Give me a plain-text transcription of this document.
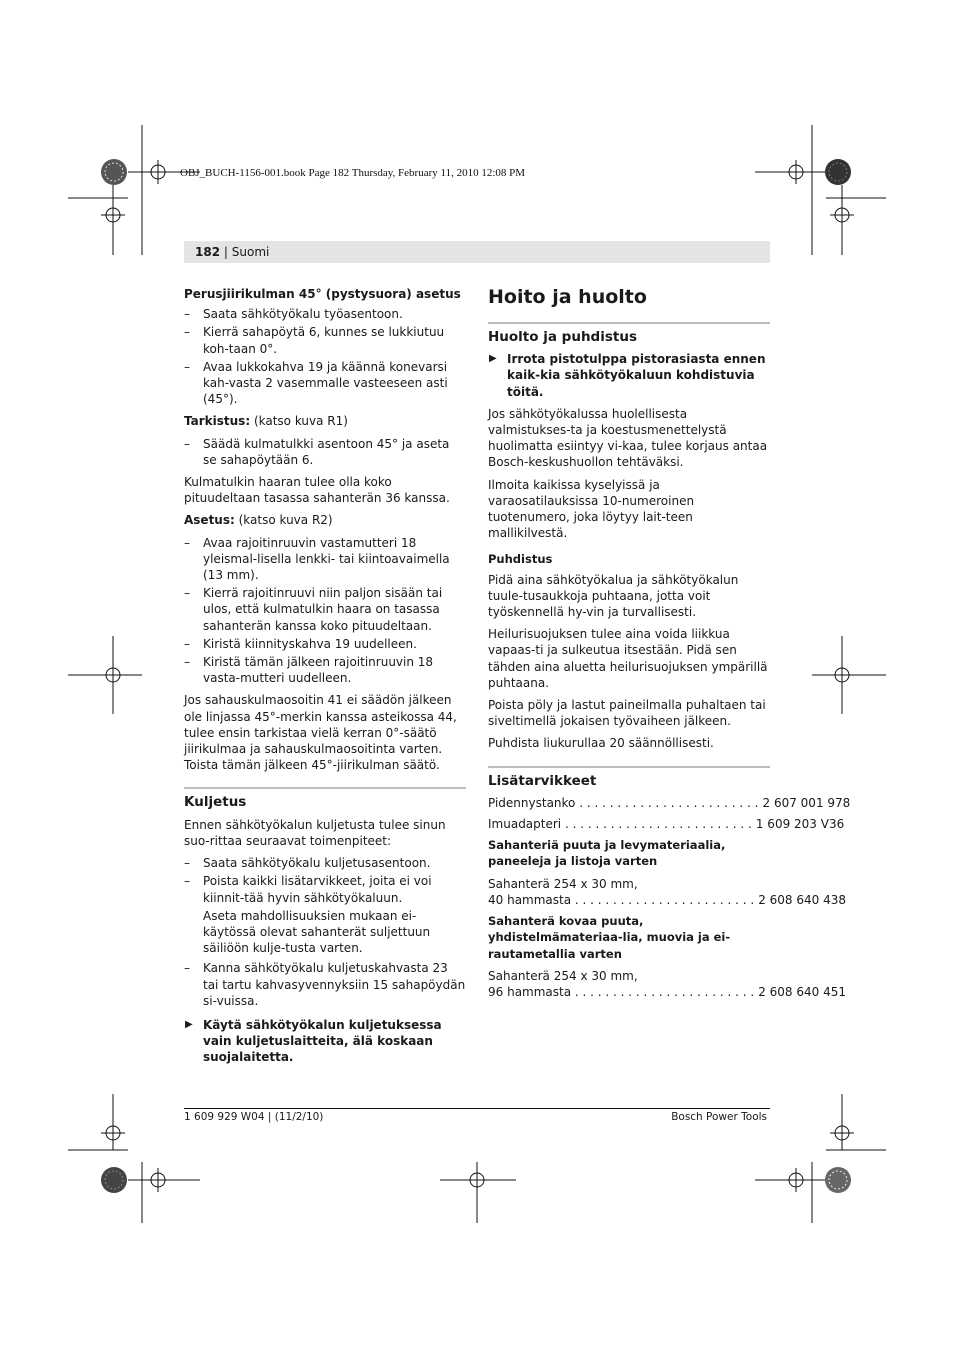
OBJ_BUCH-1156-001.book Page 182 Thursday, February 11, 2010 12:08 PM
182 | Suomi
Perusjiirikulman 45° (pystysuora) asetus
– Saata sähkötyökalu työasentoon.
– Kierrä sahapöytä 6, kunnes se lukkiutuu koh-taan 0°.
– Avaa lukkokahva 19 ja käännä konevarsi kah-vasta 2 vasemmalle vasteeseen asti (45°).

Tarkistus: (katso kuva R1)

– Säädä kulmatulkki asentoon 45° ja aseta se sahapöytään 6.

Kulmatulkin haaran tulee olla koko pituudeltaan tasassa sahanterän 36 kanssa.

Asetus: (katso kuva R2)

– Avaa rajoitinruuvin vastamutteri 18 yleismal-lisella lenkki- tai kiintoavaimella (13 mm).
– Kierrä rajoitinruuvi niin paljon sisään tai ulos, että kulmatulkin haara on tasassa sahanterän kanssa koko pituudeltaan.
– Kiristä kiinnityskahva 19 uudelleen.
– Kiristä tämän jälkeen rajoitinruuvin 18 vasta-mutteri uudelleen.

Jos sahauskulmaosoitin 41 ei säädön jälkeen ole linjassa 45°-merkin kanssa asteikossa 44, tulee ensin tarkistaa vielä kerran 0°-säätö jiirikulmaa ja sahauskulmaosoitinta varten. Toista tämän jälkeen 45°-jiirikulman säätö.

Kuljetus

Ennen sähkötyökalun kuljetusta tulee sinun suo-rittaa seuraavat toimenpiteet:

– Saata sähkötyökalu kuljetusasentoon.
– Poista kaikki lisätarvikkeet, joita ei voi kiinnit-tää hyvin sähkötyökaluun.

Aseta mahdollisuuksien mukaan ei-käytössä olevat sahanterät suljettuun säiliöön kulje-tusta varten.

– Kanna sähkötyökalu kuljetuskahvasta 23 tai tartu kahvasyvennyksiin 15 sahapöydän si-vuissa.
▶ Käytä sähkötyökalun kuljetuksessa vain kuljetuslaitteita, älä koskaan suojalaitetta.
Hoito ja huolto
Huolto ja puhdistus
▶ Irrota pistotulppa pistorasiasta ennen kaik-kia sähkötyökaluun kohdistuvia töitä.

Jos sähkötyökalussa huolellisesta valmistukses-ta ja koestusmenettelystä huolimatta esiintyy vi-kaa, tulee korjaus antaa Bosch-keskushuollon tehtäväksi.

Ilmoita kaikissa kyselyissä ja varaosatilauksissa 10-numeroinen tuotenumero, joka löytyy lait-teen mallikilvestä.

Puhdistus

Pidä aina sähkötyökalua ja sähkötyökalun tuule-tusaukkoja puhtaana, jotta voit työskennellä hy-vin ja turvallisesti.

Heilurisuojuksen tulee aina voida liikkua vapaas-ti ja sulkeutua itsestään. Pidä sen tähden aina aluetta heilurisuojuksen ympärillä puhtaana.

Poista pöly ja lastut paineilmalla puhaltaen tai siveltimellä jokaisen työvaiheen jälkeen.

Puhdista liukurullaa 20 säännöllisesti.

Lisätarvikkeet
Pidennystanko . . . . . . . . . . . . . . . . . . . . . . . . 2 607 001 978
Imuadapteri . . . . . . . . . . . . . . . . . . . . . . . . . 1 609 203 V36
Sahanteriä puuta ja levymateriaalia, paneeleja ja listoja varten
Sahanterä 254 x 30 mm,
40 hammasta . . . . . . . . . . . . . . . . . . . . . . . . 2 608 640 438
Sahanterä kovaa puuta, yhdistelmämateriaa-lia, muovia ja ei-rautametallia varten
Sahanterä 254 x 30 mm,
96 hammasta . . . . . . . . . . . . . . . . . . . . . . . . 2 608 640 451
1 609 929 W04 | (11/2/10)	Bosch Power Tools
